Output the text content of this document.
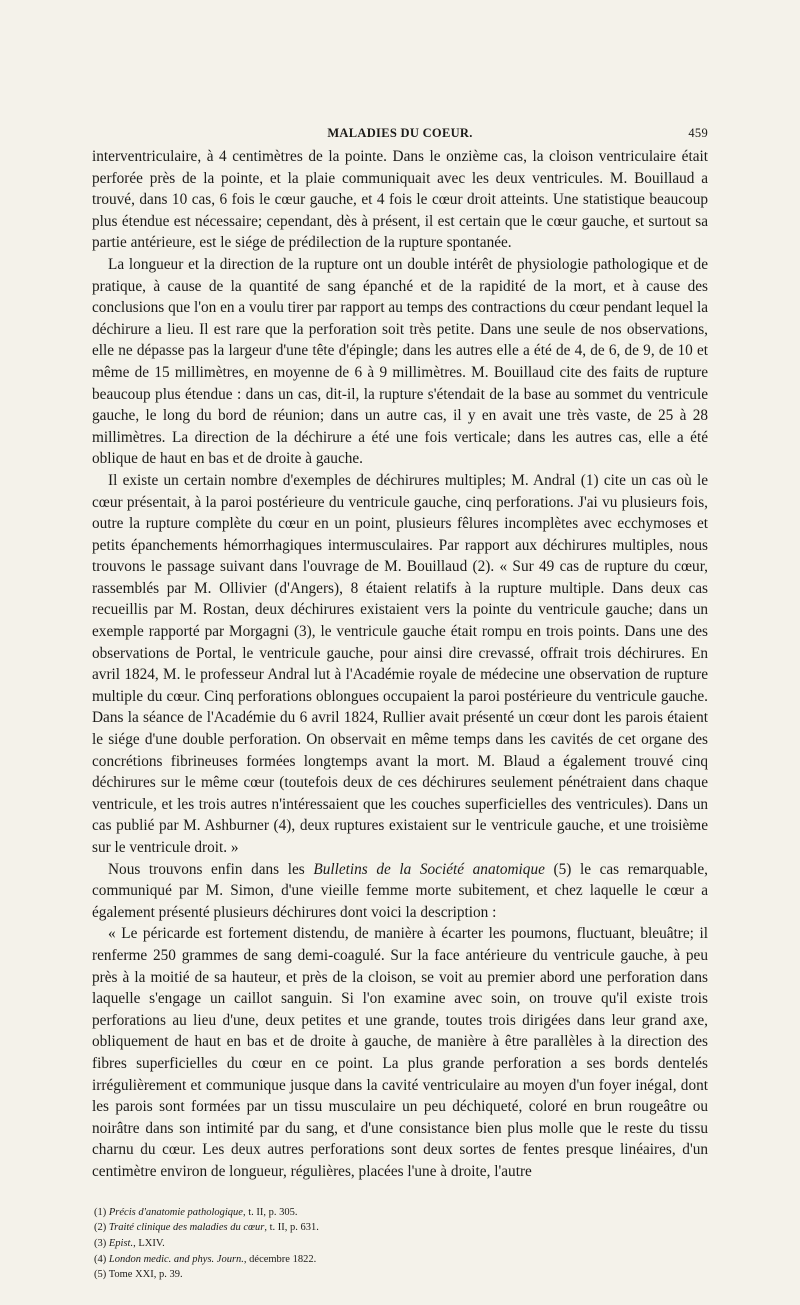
MALADIES DU COEUR.	459

interventriculaire, à 4 centimètres de la pointe. Dans le onzième cas, la cloison ventriculaire était perforée près de la pointe, et la plaie communiquait avec les deux ventricules. M. Bouillaud a trouvé, dans 10 cas, 6 fois le cœur gauche, et 4 fois le cœur droit atteints. Une statistique beaucoup plus étendue est nécessaire; cependant, dès à présent, il est certain que le cœur gauche, et surtout sa partie antérieure, est le siége de prédilection de la rupture spontanée.

La longueur et la direction de la rupture ont un double intérêt de physiologie pathologique et de pratique, à cause de la quantité de sang épanché et de la rapidité de la mort, et à cause des conclusions que l'on en a voulu tirer par rapport au temps des contractions du cœur pendant lequel la déchirure a lieu. Il est rare que la perforation soit très petite. Dans une seule de nos observations, elle ne dépasse pas la largeur d'une tête d'épingle; dans les autres elle a été de 4, de 6, de 9, de 10 et même de 15 millimètres, en moyenne de 6 à 9 millimètres. M. Bouillaud cite des faits de rupture beaucoup plus étendue : dans un cas, dit-il, la rupture s'étendait de la base au sommet du ventricule gauche, le long du bord de réunion; dans un autre cas, il y en avait une très vaste, de 25 à 28 millimètres. La direction de la déchirure a été une fois verticale; dans les autres cas, elle a été oblique de haut en bas et de droite à gauche.

Il existe un certain nombre d'exemples de déchirures multiples; M. Andral (1) cite un cas où le cœur présentait, à la paroi postérieure du ventricule gauche, cinq perforations. J'ai vu plusieurs fois, outre la rupture complète du cœur en un point, plusieurs fêlures incomplètes avec ecchymoses et petits épanchements hémorrhagiques intermusculaires. Par rapport aux déchirures multiples, nous trouvons le passage suivant dans l'ouvrage de M. Bouillaud (2). « Sur 49 cas de rupture du cœur, rassemblés par M. Ollivier (d'Angers), 8 étaient relatifs à la rupture multiple. Dans deux cas recueillis par M. Rostan, deux déchirures existaient vers la pointe du ventricule gauche; dans un exemple rapporté par Morgagni (3), le ventricule gauche était rompu en trois points. Dans une des observations de Portal, le ventricule gauche, pour ainsi dire crevassé, offrait trois déchirures. En avril 1824, M. le professeur Andral lut à l'Académie royale de médecine une observation de rupture multiple du cœur. Cinq perforations oblongues occupaient la paroi postérieure du ventricule gauche. Dans la séance de l'Académie du 6 avril 1824, Rullier avait présenté un cœur dont les parois étaient le siége d'une double perforation. On observait en même temps dans les cavités de cet organe des concrétions fibrineuses formées longtemps avant la mort. M. Blaud a également trouvé cinq déchirures sur le même cœur (toutefois deux de ces déchirures seulement pénétraient dans chaque ventricule, et les trois autres n'intéressaient que les couches superficielles des ventricules). Dans un cas publié par M. Ashburner (4), deux ruptures existaient sur le ventricule gauche, et une troisième sur le ventricule droit. »

Nous trouvons enfin dans les Bulletins de la Société anatomique (5) le cas remarquable, communiqué par M. Simon, d'une vieille femme morte subitement, et chez laquelle le cœur a également présenté plusieurs déchirures dont voici la description :

« Le péricarde est fortement distendu, de manière à écarter les poumons, fluctuant, bleuâtre; il renferme 250 grammes de sang demi-coagulé. Sur la face antérieure du ventricule gauche, à peu près à la moitié de sa hauteur, et près de la cloison, se voit au premier abord une perforation dans laquelle s'engage un caillot sanguin. Si l'on examine avec soin, on trouve qu'il existe trois perforations au lieu d'une, deux petites et une grande, toutes trois dirigées dans leur grand axe, obliquement de haut en bas et de droite à gauche, de manière à être parallèles à la direction des fibres superficielles du cœur en ce point. La plus grande perforation a ses bords dentelés irrégulièrement et communique jusque dans la cavité ventriculaire au moyen d'un foyer inégal, dont les parois sont formées par un tissu musculaire un peu déchiqueté, coloré en brun rougeâtre ou noirâtre dans son intimité par du sang, et d'une consistance bien plus molle que le reste du tissu charnu du cœur. Les deux autres perforations sont deux sortes de fentes presque linéaires, d'un centimètre environ de longueur, régulières, placées l'une à droite, l'autre

(1) Précis d'anatomie pathologique, t. II, p. 305.
(2) Traité clinique des maladies du cœur, t. II, p. 631.
(3) Epist., LXIV.
(4) London medic. and phys. Journ., décembre 1822.
(5) Tome XXI, p. 39.
